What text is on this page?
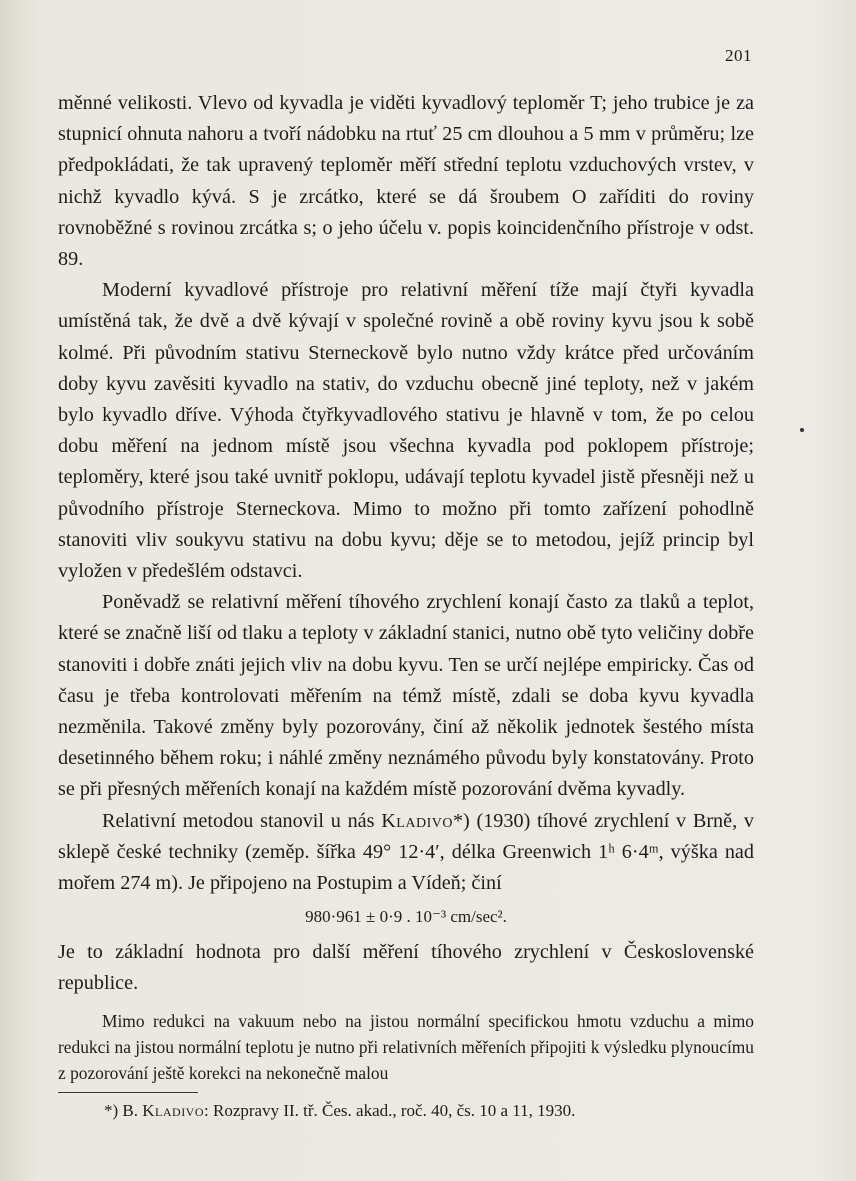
201

měnné velikosti. Vlevo od kyvadla je viděti kyvadlový teploměr T; jeho trubice je za stupnicí ohnuta nahoru a tvoří nádobku na rtuť 25 cm dlouhou a 5 mm v průměru; lze předpokládati, že tak upravený teploměr měří střední teplotu vzduchových vrstev, v nichž kyvadlo kývá. S je zrcátko, které se dá šroubem O zaříditi do roviny rovnoběžné s rovinou zrcátka s; o jeho účelu v. popis koincidenčního přístroje v odst. 89.

Moderní kyvadlové přístroje pro relativní měření tíže mají čtyři kyvadla umístěná tak, že dvě a dvě kývají v společné rovině a obě roviny kyvu jsou k sobě kolmé. Při původním stativu Sterneckově bylo nutno vždy krátce před určováním doby kyvu zavěsiti kyvadlo na stativ, do vzduchu obecně jiné teploty, než v jakém bylo kyvadlo dříve. Výhoda čtyřkyvadlového stativu je hlavně v tom, že po celou dobu měření na jednom místě jsou všechna kyvadla pod poklopem přístroje; teploměry, které jsou také uvnitř poklopu, udávají teplotu kyvadel jistě přesněji než u původního přístroje Sterneckova. Mimo to možno při tomto zařízení pohodlně stanoviti vliv soukyvu stativu na dobu kyvu; děje se to metodou, jejíž princip byl vyložen v předešlém odstavci.

Poněvadž se relativní měření tíhového zrychlení konají často za tlaků a teplot, které se značně liší od tlaku a teploty v základní stanici, nutno obě tyto veličiny dobře stanoviti i dobře znáti jejich vliv na dobu kyvu. Ten se určí nejlépe empiricky. Čas od času je třeba kontrolovati měřením na témž místě, zdali se doba kyvu kyvadla nezměnila. Takové změny byly pozorovány, činí až několik jednotek šestého místa desetinného během roku; i náhlé změny neznámého původu byly konstatovány. Proto se při přesných měřeních konají na každém místě pozorování dvěma kyvadly.

Relativní metodou stanovil u nás Kladivo*) (1930) tíhové zrychlení v Brně, v sklepě české techniky (zeměp. šířka 49° 12·4′, délka Greenwich 1ʰ 6·4ᵐ, výška nad mořem 274 m). Je připojeno na Postupim a Vídeň; činí

980·961 ± 0·9 . 10⁻³ cm/sec².

Je to základní hodnota pro další měření tíhového zrychlení v Československé republice.

Mimo redukci na vakuum nebo na jistou normální specifickou hmotu vzduchu a mimo redukci na jistou normální teplotu je nutno při relativních měřeních připojiti k výsledku plynoucímu z pozorování ještě korekci na nekonečně malou

*) B. Kladivo: Rozpravy II. tř. Čes. akad., roč. 40, čs. 10 a 11, 1930.
